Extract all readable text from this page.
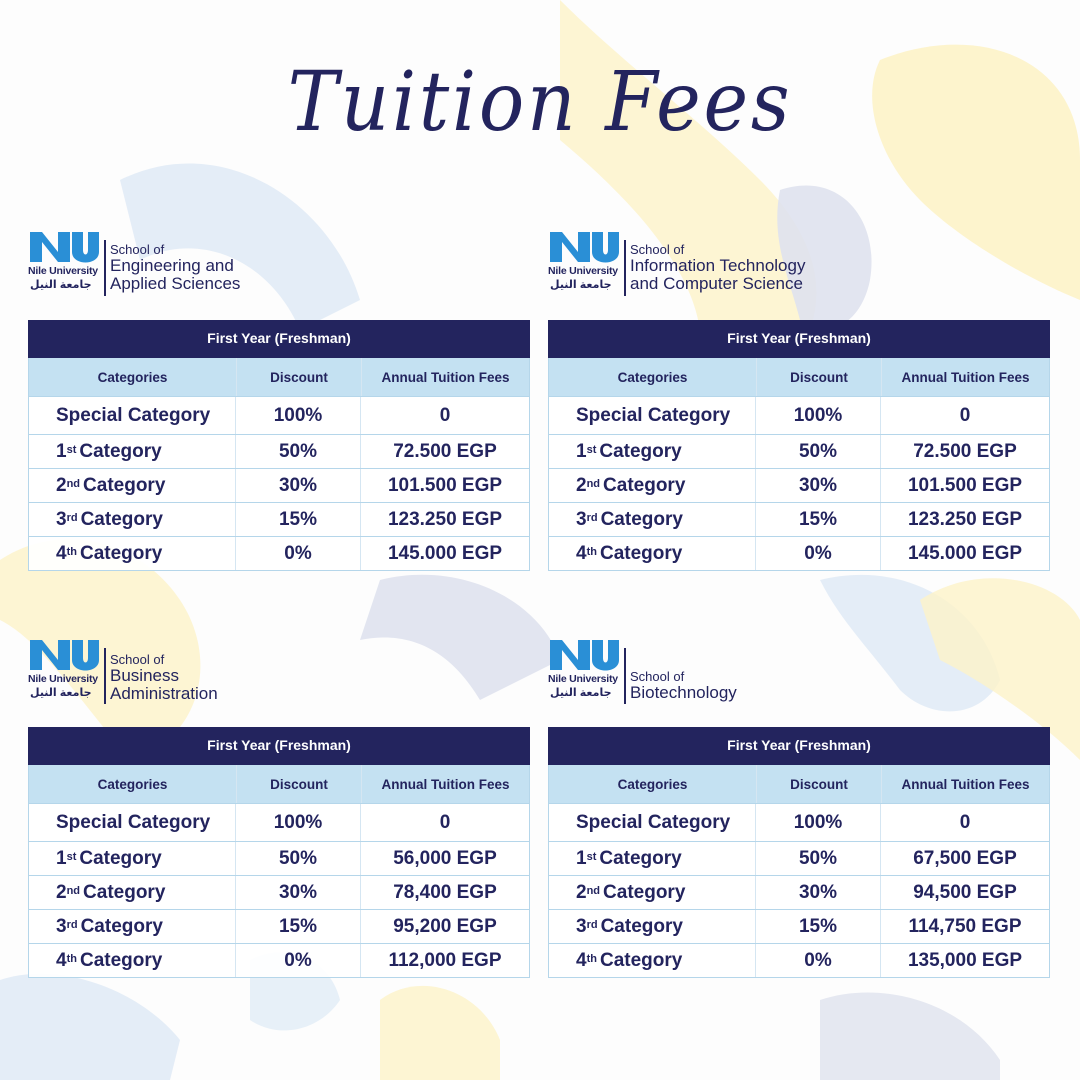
Tuition Fees
Nile University
جامعة النيل
School of
Engineering and
Applied Sciences
Nile University
جامعة النيل
School of
Information Technology
and Computer Science
Nile University
جامعة النيل
School of
Business
Administration
Nile University
جامعة النيل
School of
Biotechnology
First Year (Freshman)
Categories	Discount	Annual Tuition Fees
Special Category	100%	0
1st Category	50%	72.500 EGP
2nd Category	30%	101.500 EGP
3rd Category	15%	123.250 EGP
4th Category	0%	145.000 EGP
First Year (Freshman)
Categories	Discount	Annual Tuition Fees
Special Category	100%	0
1st Category	50%	72.500 EGP
2nd Category	30%	101.500 EGP
3rd Category	15%	123.250 EGP
4th Category	0%	145.000 EGP
First Year (Freshman)
Categories	Discount	Annual Tuition Fees
Special Category	100%	0
1st Category	50%	56,000 EGP
2nd Category	30%	78,400 EGP
3rd Category	15%	95,200 EGP
4th Category	0%	112,000 EGP
First Year (Freshman)
Categories	Discount	Annual Tuition Fees
Special Category	100%	0
1st Category	50%	67,500 EGP
2nd Category	30%	94,500 EGP
3rd Category	15%	114,750 EGP
4th Category	0%	135,000 EGP
